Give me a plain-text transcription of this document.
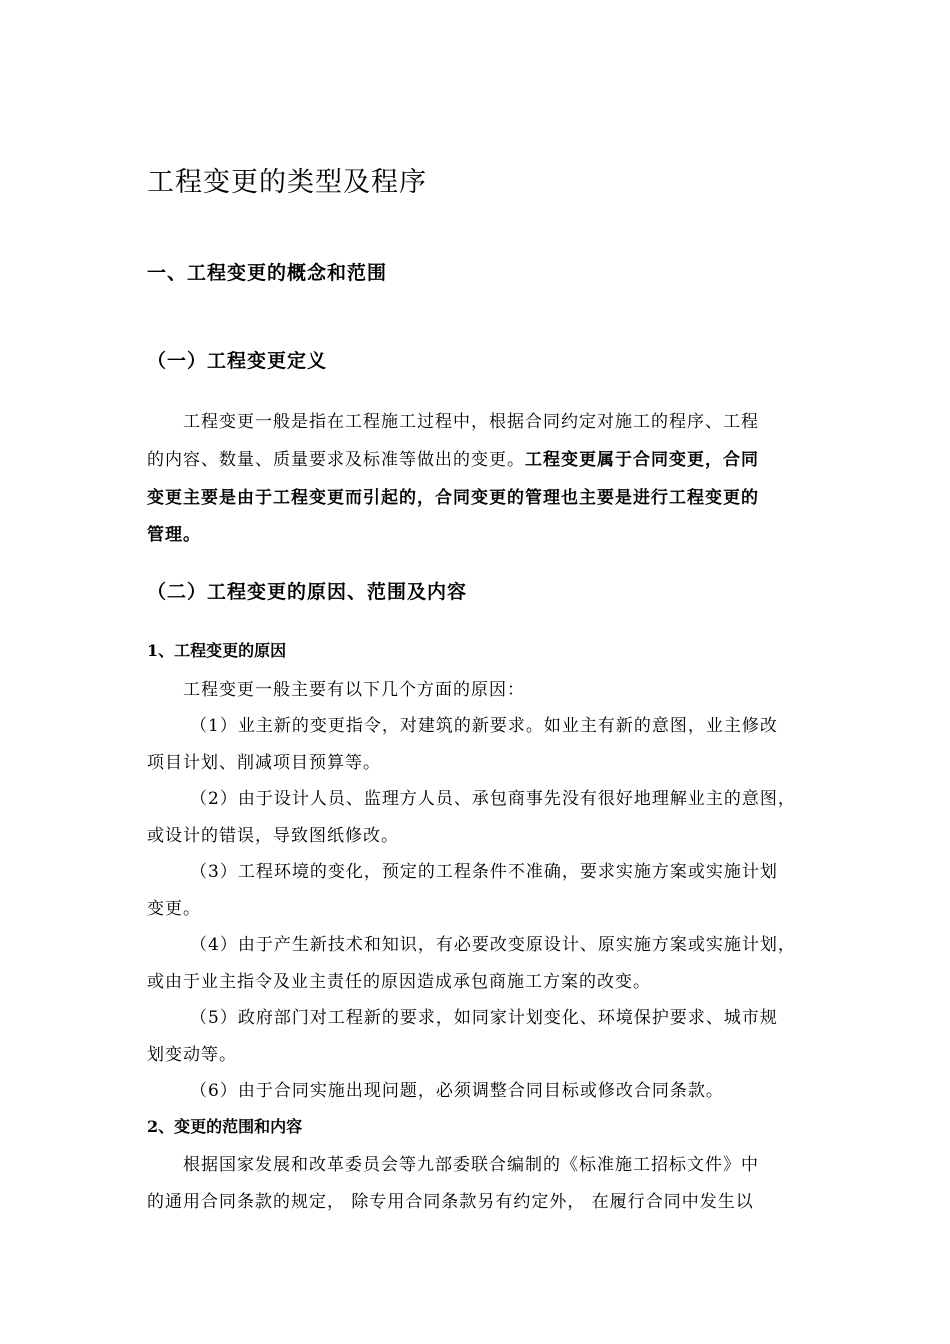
工程变更的类型及程序
一、工程变更的概念和范围
（一）工程变更定义
工程变更一般是指在工程施工过程中，根据合同约定对施工的程序、工程
的内容、数量、质量要求及标准等做出的变更。工程变更属于合同变更，合同
变更主要是由于工程变更而引起的，合同变更的管理也主要是进行工程变更的
管理。
（二）工程变更的原因、范围及内容
1、工程变更的原因
工程变更一般主要有以下几个方面的原因：
（1）业主新的变更指令，对建筑的新要求。如业主有新的意图，业主修改
项目计划、削减项目预算等。
（2）由于设计人员、监理方人员、承包商事先没有很好地理解业主的意图，
或设计的错误，导致图纸修改。
（3）工程环境的变化，预定的工程条件不准确，要求实施方案或实施计划
变更。
（4）由于产生新技术和知识，有必要改变原设计、原实施方案或实施计划，
或由于业主指令及业主责任的原因造成承包商施工方案的改变。
（5）政府部门对工程新的要求，如同家计划变化、环境保护要求、城市规
划变动等。
（6）由于合同实施出现问题，必须调整合同目标或修改合同条款。
2、变更的范围和内容
根据国家发展和改革委员会等九部委联合编制的《标准施工招标文件》中
的通用合同条款的规定， 除专用合同条款另有约定外， 在履行合同中发生以
